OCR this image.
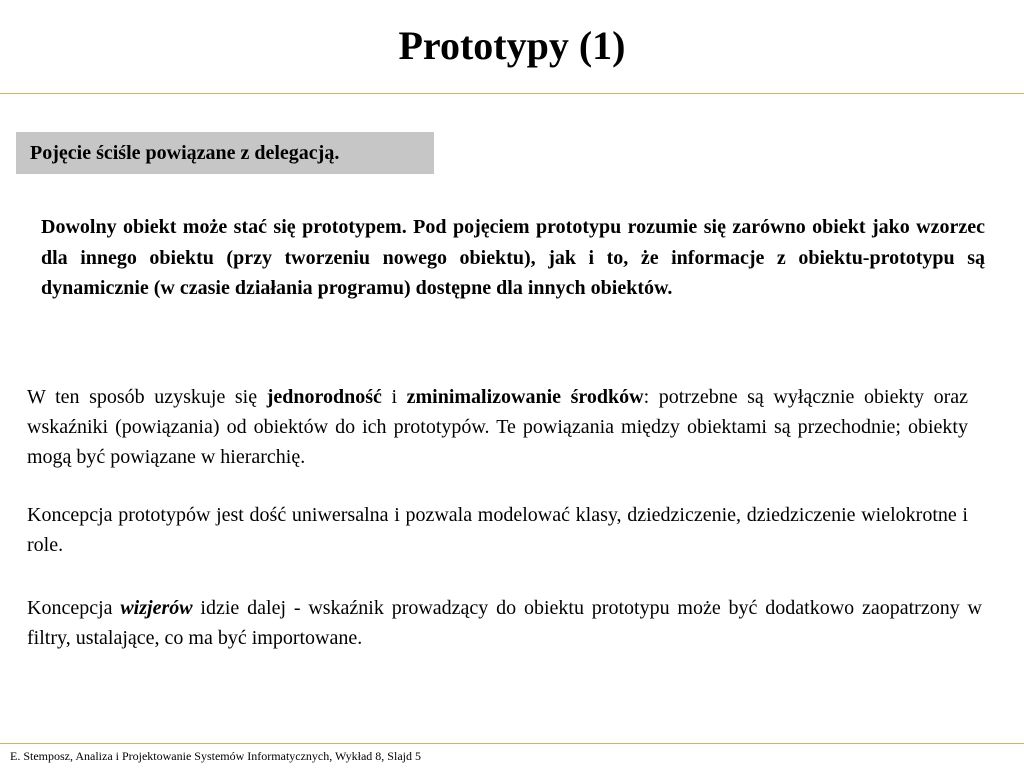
Prototypy (1)
Pojęcie ściśle powiązane z delegacją.
Dowolny obiekt może stać się prototypem. Pod pojęciem prototypu rozumie się zarówno obiekt jako wzorzec dla innego obiektu (przy tworzeniu nowego obiektu), jak i to, że informacje z obiektu-prototypu są dynamicznie (w czasie działania programu) dostępne dla innych obiektów.
W ten sposób uzyskuje się jednorodność i zminimalizowanie środków: potrzebne są wyłącznie obiekty oraz wskaźniki (powiązania) od obiektów do ich prototypów. Te powiązania między obiektami są przechodnie; obiekty mogą być powiązane w hierarchię.
Koncepcja prototypów jest dość uniwersalna i pozwala modelować klasy, dziedziczenie, dziedziczenie wielokrotne i role.
Koncepcja wizjerów idzie dalej - wskaźnik prowadzący do obiektu prototypu może być dodatkowo zaopatrzony w filtry, ustalające, co ma być importowane.
E. Stemposz, Analiza i Projektowanie Systemów Informatycznych, Wykład 8, Slajd 5
